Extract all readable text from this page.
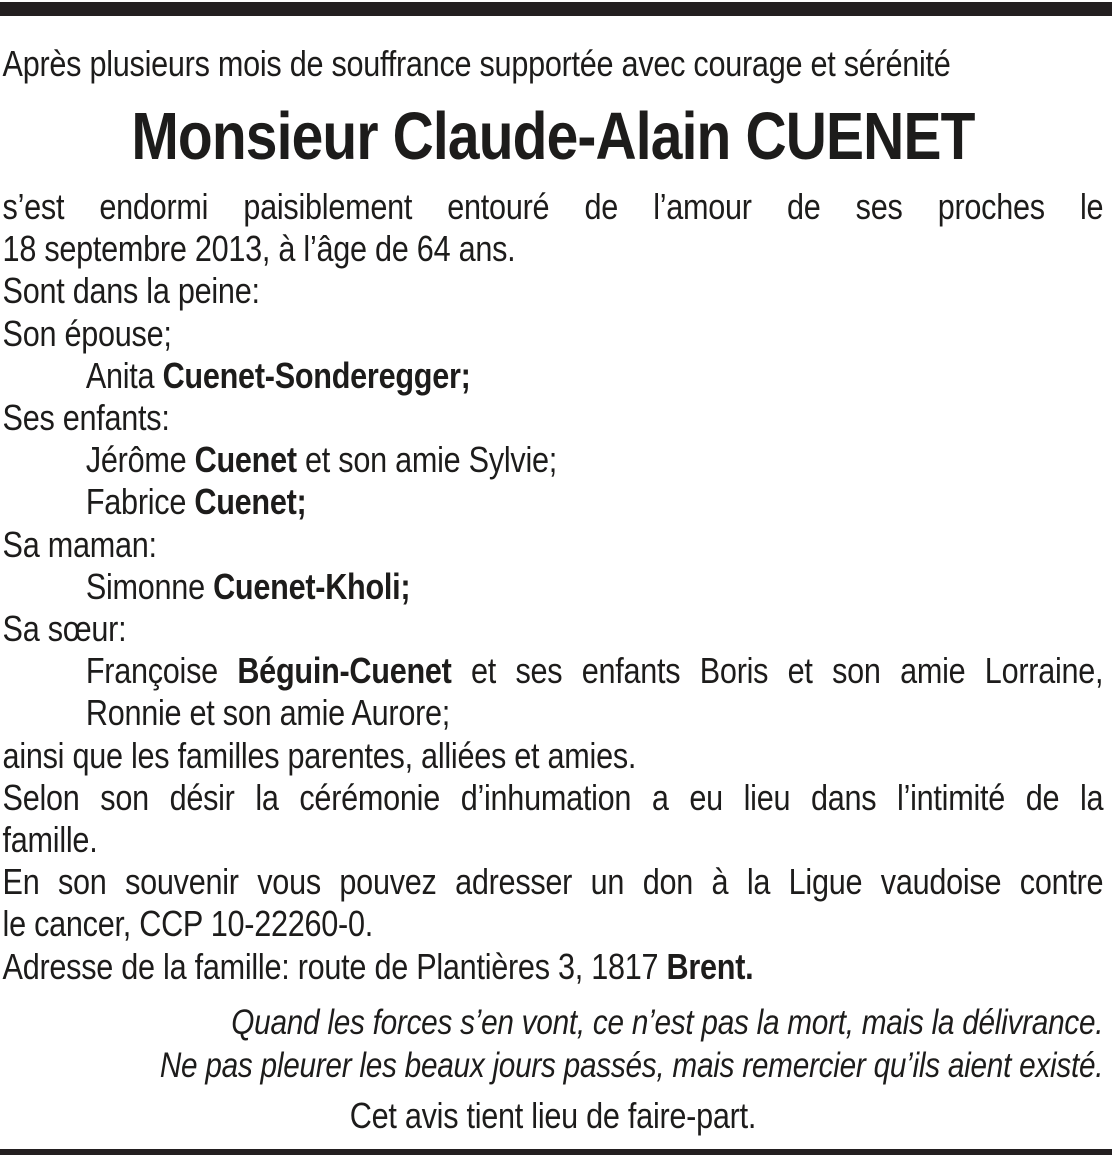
Après plusieurs mois de souffrance supportée avec courage et sérénité

Monsieur Claude-Alain CUENET

s’est endormi paisiblement entouré de l’amour de ses proches le

18 septembre 2013, à l’âge de 64 ans.

Sont dans la peine:

Son épouse;

Anita Cuenet-Sonderegger;

Ses enfants:

Jérôme Cuenet et son amie Sylvie;

Fabrice Cuenet;

Sa maman:

Simonne Cuenet-Kholi;

Sa sœur:

Françoise Béguin-Cuenet et ses enfants Boris et son amie Lorraine,

Ronnie et son amie Aurore;

ainsi que les familles parentes, alliées et amies.

Selon son désir la cérémonie d’inhumation a eu lieu dans l’intimité de la

famille.

En son souvenir vous pouvez adresser un don à la Ligue vaudoise contre

le cancer, CCP 10-22260-0.

Adresse de la famille: route de Plantières 3, 1817 Brent.

Quand les forces s’en vont, ce n’est pas la mort, mais la délivrance.

Ne pas pleurer les beaux jours passés, mais remercier qu’ils aient existé.

Cet avis tient lieu de faire-part.
